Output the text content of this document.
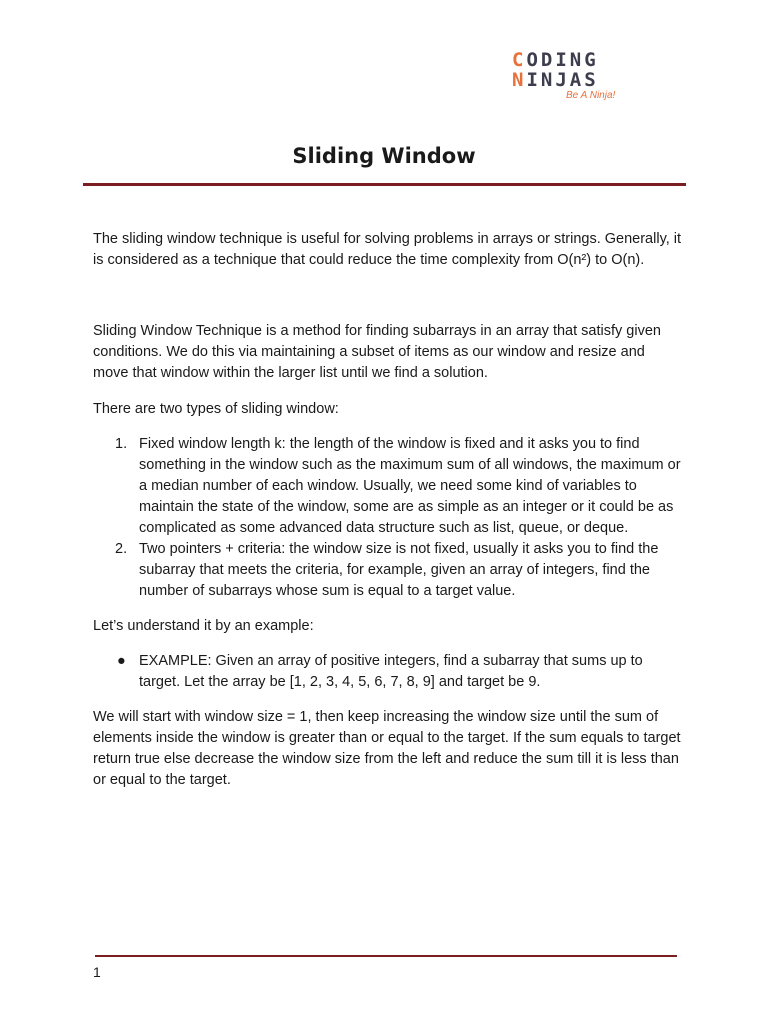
CODING
NINJAS
Be A Ninja!
Sliding Window

The sliding window technique is useful for solving problems in arrays or strings. Generally, it is considered as a technique that could reduce the time complexity from O(n²) to O(n).

Sliding Window Technique is a method for finding subarrays in an array that satisfy given conditions. We do this via maintaining a subset of items as our window and resize and move that window within the larger list until we find a solution.

There are two types of sliding window:

1. Fixed window length k: the length of the window is fixed and it asks you to find something in the window such as the maximum sum of all windows, the maximum or a median number of each window. Usually, we need some kind of variables to maintain the state of the window, some are as simple as an integer or it could be as complicated as some advanced data structure such as list, queue, or deque.
2. Two pointers + criteria: the window size is not fixed, usually it asks you to find the subarray that meets the criteria, for example, given an array of integers, find the number of subarrays whose sum is equal to a target value.

Let’s understand it by an example:

● EXAMPLE: Given an array of positive integers, find a subarray that sums up to target. Let the array be [1, 2, 3, 4, 5, 6, 7, 8, 9] and target be 9.

We will start with window size = 1, then keep increasing the window size until the sum of elements inside the window is greater than or equal to the target. If the sum equals to target return true else decrease the window size from the left and reduce the sum till it is less than or equal to the target.

1
